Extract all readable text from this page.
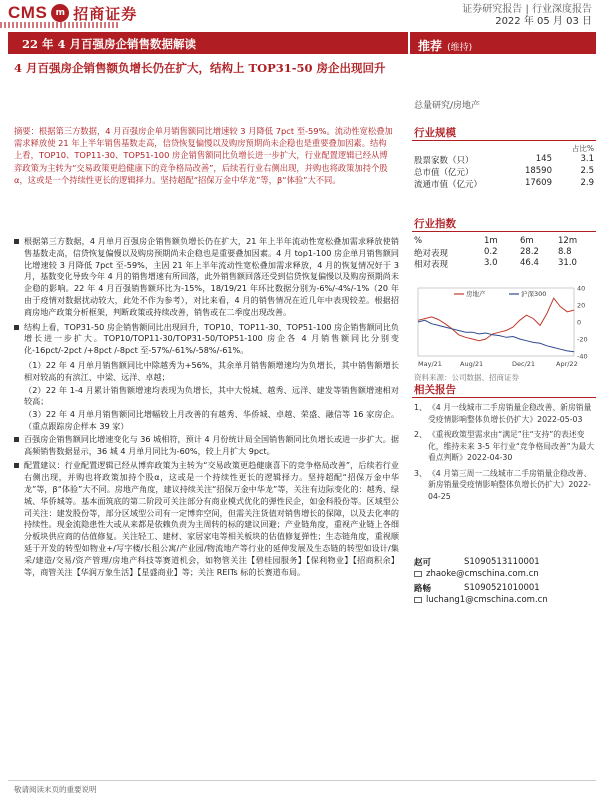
CMS m 招商证券	证券研究报告 | 行业深度报告
2022 年 05 月 03 日
22 年 4 月百强房企销售数据解读	推荐 (维持)
4 月百强房企销售额负增长仍在扩大，结构上 TOP31-50 房企出现回升
总量研究/房地产
摘要：根据第三方数据，4 月百强房企单月销售额同比增速较 3 月降低 7pct 至-59%。流动性宽松叠加需求释放使 21 年上半年销售基数走高，信贷恢复偏慢以及购房预期尚未企稳也是重要叠加因素。结构上看，TOP10、TOP11-30、TOP51-100 房企销售额同比负增长进一步扩大，行业配置逻辑已经从博弈政策为主转为“交易政策更趋健康下的竞争格局改善”，后续若行业右侧出现，并购也将政策加持个股α，这或是一个持续性更长的逻辑择力。坚持超配“招保万金中华龙”等，β“体验”大不同。
根据第三方数据，4 月单月百强房企销售额负增长仍在扩大，21 年上半年流动性宽松叠加需求释放使销售基数走高，信贷恢复偏慢以及购房预期尚未企稳也是重要叠加因素。4 月 top1-100 房企单月销售额同比增速较 3 月降低 7pct 至-59%，主因 21 年上半年流动性宽松叠加需求释放，4 月的恢复情况好于 3 月，基数变化导致今年 4 月的销售增速有所回落，此外销售额回落还受到信贷恢复偏慢以及购房预期尚未企稳的影响。22 年 4 月百强销售额环比为-15%，18/19/21 年环比数据分别为-6%/-4%/-1%（20 年由于疫情对数据扰动较大，此处不作为参考），对比来看，4 月的销售情况在近几年中表现较差。根据招商房地产政策分析框架，判断政策或持续改善，销售或在二季度出现改善。
结构上看，TOP31-50 房企销售额同比出现回升，TOP10、TOP11-30、TOP51-100 房企销售额同比负增长进一步扩大。TOP10/TOP11-30/TOP31-50/TOP51-100 房企各 4 月销售额同比分别变化-16pct/-2pct /+8pct /-8pct 至-57%/-61%/-58%/-61%。
（1）22 年 4 月单月销售额同比中除越秀为+56%，其余单月销售额增速均为负增长，其中销售额增长相对较高的有滨江、中梁、远洋、卓越；
（2）22 年 1-4 月累计销售额增速均表现为负增长，其中大悦城、越秀、远洋、建发等销售额增速相对较高；
（3）22 年 4 月单月销售额同比增幅较上月改善的有越秀、华侨城、卓越、荣盛、融信等 16 家房企。（重点跟踪房企样本 39 家）
百强房企销售额同比增速变化与 36 城相符，预计 4 月份统计局全国销售额同比负增长或进一步扩大。据高频销售数据显示，36 城 4 月单月同比为-60%，较上月扩大 9pct。
配置建议：行业配置逻辑已经从博弈政策为主转为“交易政策更趋健康喜下的竞争格局改善”，后续若行业右侧出现，并购也将政策加持个股α，这或是一个持续性更长的逻辑择力。坚持超配“招保万金中华龙”等，β“体验”大不同。房地产角度，建议持续关注“招保万金中华龙”等，关注有边际变化的：越秀、绿城、华侨城等。基本面筑底的第二阶段可关注部分有商业模式优化的弹性民企，如金科股份等。区域型公司关注：建发股份等，部分区域型公司有一定博弈空间，但需关注货值对销售增长的保障，以及去化率的持续性。现金流隐患性大或从来都是依赖负责为主周转的标的建议回避；产业链角度，重视产业链上各细分板块供应商的估值修复。关注轻工、建材、家居家电等相关板块的估值修复弹性；生态链角度，重视顺延于开发的转型如物业+/写字楼/长租公寓/产业园/物流地产等行业的延伸发展及生态链的转型如设计/集采/建造/交易/资产管理/房地产科技等赛道机会，如物管关注【碧桂园服务】【保利物业】【招商积余】等，商管关注【华润万象生活】【星盛商业】等；关注 REITs 标的长赛道布局。
行业规模
占比%
股票家数（只）	145	3.1
总市值（亿元）	18590	2.5
流通市值（亿元）	17609	2.9
行业指数
%	1m	6m	12m
绝对表现	0.2	28.2	8.8
相对表现	3.0	46.4	31.0
40
20
0
-20
-40
May/21	Aug/21	Dec/21	Apr/22
房地产	沪深300
资料来源：公司数据、招商证券
相关报告
1、 《4 月一线城市二手房销量企稳改善、新房销量受疫情影响整体负增长仍扩大》2022-05-03
2、 《重视政策型需求由“满足”往“支持”的表述变化，维持未来 3-5 年行业“竞争格局改善”为最大看点判断》2022-04-30
3、 《4 月第三周一二线城市二手房销量企稳改善、新房销量受疫情影响整体负增长仍扩大》2022-04-25
赵可	S1090513110001
zhaoke@cmschina.com.cn
路畅	S1090521010001
luchang1@cmschina.com.cn
敬请阅读末页的重要说明
